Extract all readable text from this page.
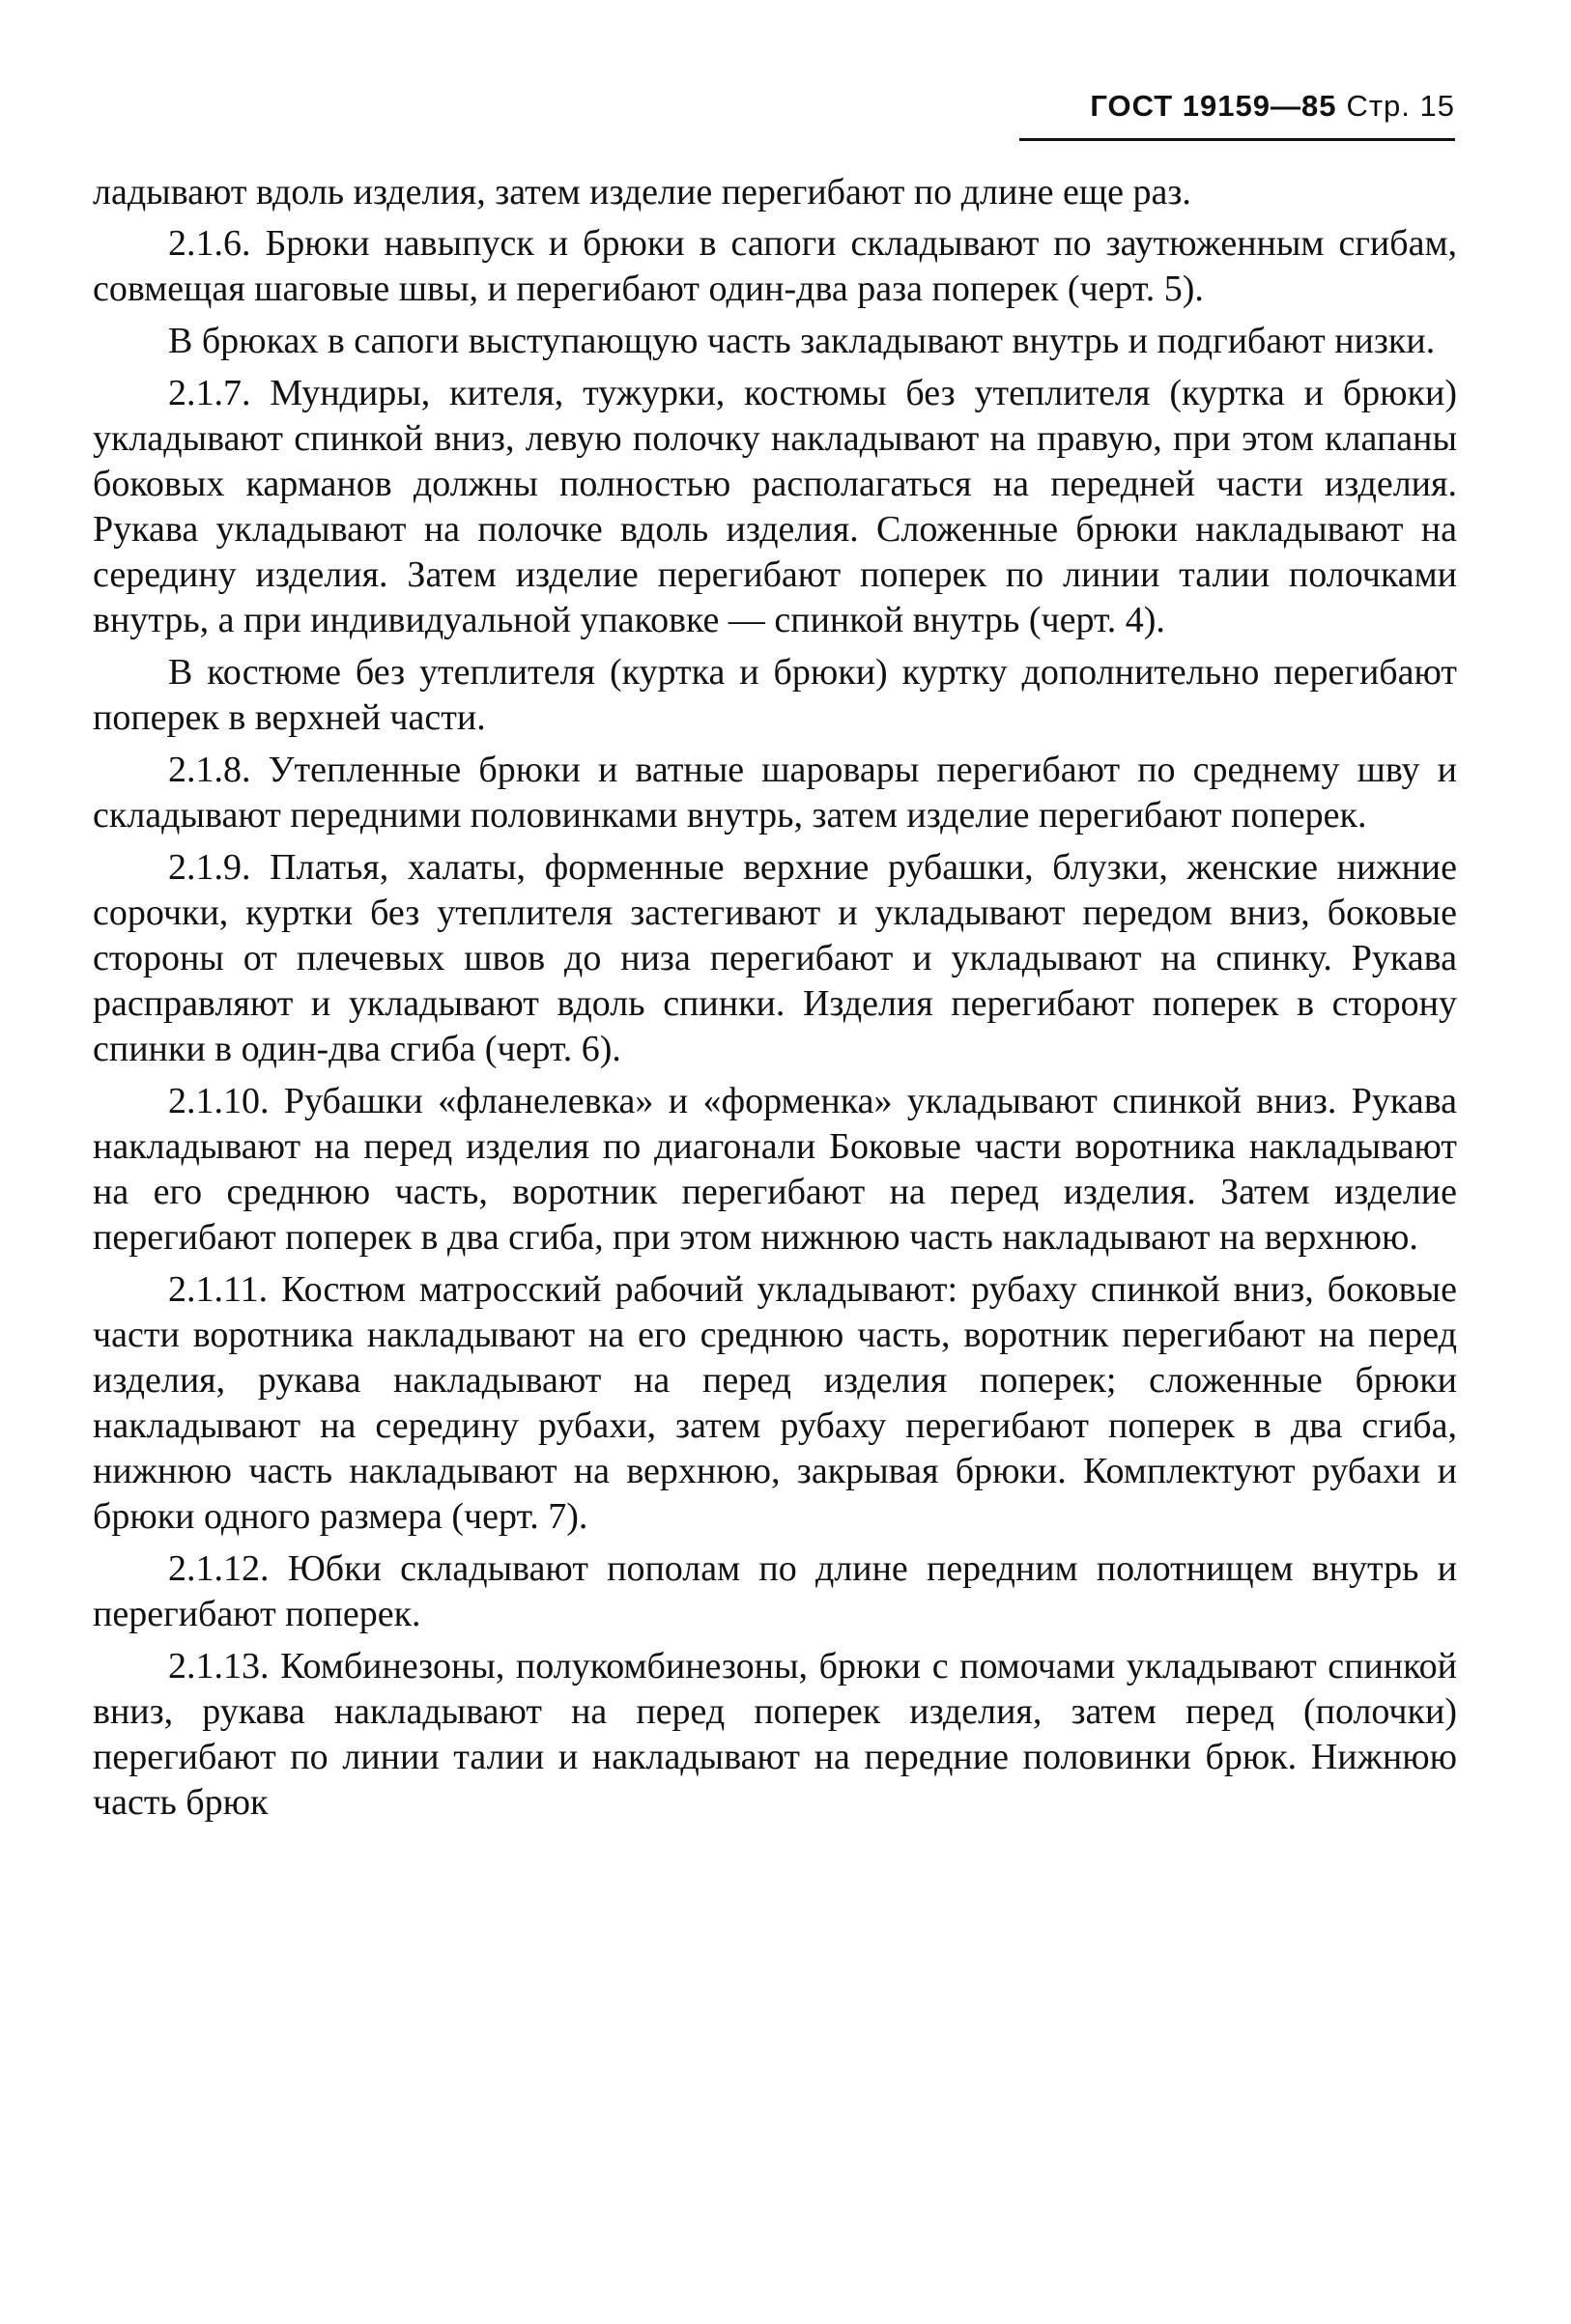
ГОСТ 19159—85 Стр. 15

ладывают вдоль изделия, затем изделие перегибают по длине еще раз.

2.1.6. Брюки навыпуск и брюки в сапоги складывают по заутюженным сгибам, совмещая шаговые швы, и перегибают один-два раза поперек (черт. 5).

В брюках в сапоги выступающую часть закладывают внутрь и подгибают низки.

2.1.7. Мундиры, кителя, тужурки, костюмы без утеплителя (куртка и брюки) укладывают спинкой вниз, левую полочку накладывают на правую, при этом клапаны боковых карманов должны полностью располагаться на передней части изделия. Рукава укладывают на полочке вдоль изделия. Сложенные брюки накладывают на середину изделия. Затем изделие перегибают поперек по линии талии полочками внутрь, а при индивидуальной упаковке — спинкой внутрь (черт. 4).

В костюме без утеплителя (куртка и брюки) куртку дополнительно перегибают поперек в верхней части.

2.1.8. Утепленные брюки и ватные шаровары перегибают по среднему шву и складывают передними половинками внутрь, затем изделие перегибают поперек.

2.1.9. Платья, халаты, форменные верхние рубашки, блузки, женские нижние сорочки, куртки без утеплителя застегивают и укладывают передом вниз, боковые стороны от плечевых швов до низа перегибают и укладывают на спинку. Рукава расправляют и укладывают вдоль спинки. Изделия перегибают поперек в сторону спинки в один-два сгиба (черт. 6).

2.1.10. Рубашки «фланелевка» и «форменка» укладывают спинкой вниз. Рукава накладывают на перед изделия по диагонали Боковые части воротника накладывают на его среднюю часть, воротник перегибают на перед изделия. Затем изделие перегибают поперек в два сгиба, при этом нижнюю часть накладывают на верхнюю.

2.1.11. Костюм матросский рабочий укладывают: рубаху спинкой вниз, боковые части воротника накладывают на его среднюю часть, воротник перегибают на перед изделия, рукава накладывают на перед изделия поперек; сложенные брюки накладывают на середину рубахи, затем рубаху перегибают поперек в два сгиба, нижнюю часть накладывают на верхнюю, закрывая брюки. Комплектуют рубахи и брюки одного размера (черт. 7).

2.1.12. Юбки складывают пополам по длине передним полотнищем внутрь и перегибают поперек.

2.1.13. Комбинезоны, полукомбинезоны, брюки с помочами укладывают спинкой вниз, рукава накладывают на перед поперек изделия, затем перед (полочки) перегибают по линии талии и накладывают на передние половинки брюк. Нижнюю часть брюк
